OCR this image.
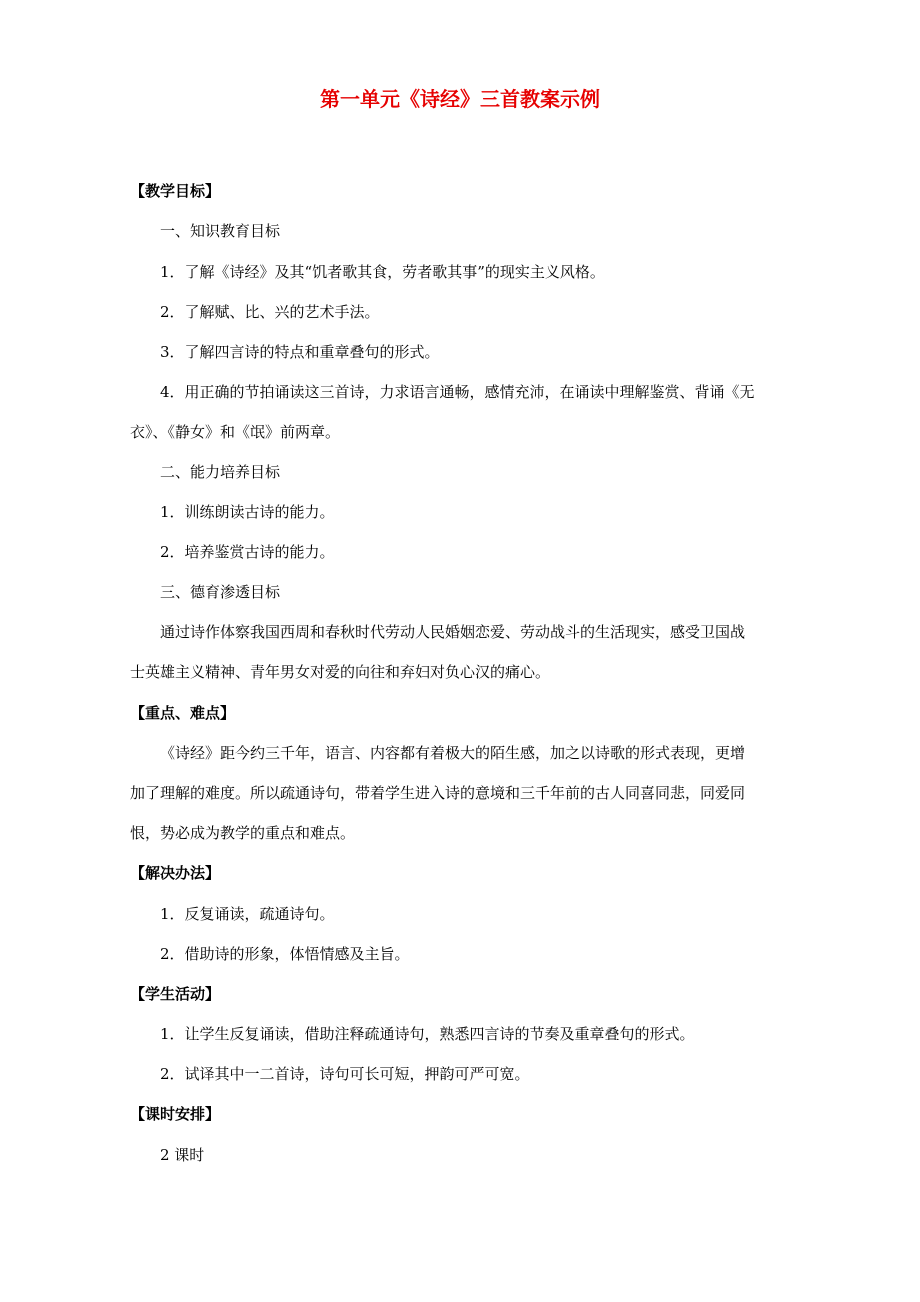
第一单元《诗经》三首教案示例
【教学目标】
一、知识教育目标
1．了解《诗经》及其“饥者歌其食，劳者歌其事”的现实主义风格。
2．了解赋、比、兴的艺术手法。
3．了解四言诗的特点和重章叠句的形式。
4．用正确的节拍诵读这三首诗，力求语言通畅，感情充沛，在诵读中理解鉴赏、背诵《无
衣》、《静女》和《氓》前两章。
二、能力培养目标
1．训练朗读古诗的能力。
2．培养鉴赏古诗的能力。
三、德育渗透目标
通过诗作体察我国西周和春秋时代劳动人民婚姻恋爱、劳动战斗的生活现实，感受卫国战
士英雄主义精神、青年男女对爱的向往和弃妇对负心汉的痛心。
【重点、难点】
《诗经》距今约三千年，语言、内容都有着极大的陌生感，加之以诗歌的形式表现，更增
加了理解的难度。所以疏通诗句，带着学生进入诗的意境和三千年前的古人同喜同悲，同爱同
恨，势必成为教学的重点和难点。
【解决办法】
1．反复诵读，疏通诗句。
2．借助诗的形象，体悟情感及主旨。
【学生活动】
1．让学生反复诵读，借助注释疏通诗句，熟悉四言诗的节奏及重章叠句的形式。
2．试译其中一二首诗，诗句可长可短，押韵可严可宽。
【课时安排】
2 课时
